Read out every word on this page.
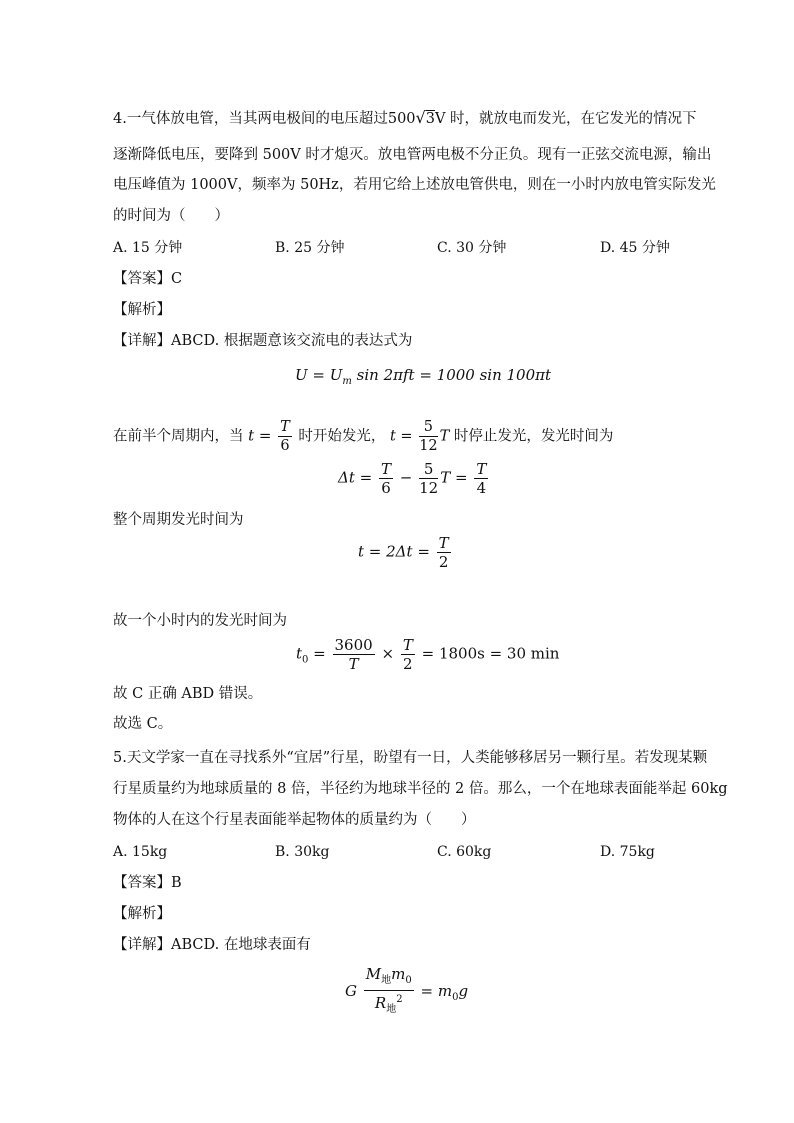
4.一气体放电管，当其两电极间的电压超过500√3V 时，就放电而发光，在它发光的情况下
逐渐降低电压，要降到 500V 时才熄灭。放电管两电极不分正负。现有一正弦交流电源，输出
电压峰值为 1000V，频率为 50Hz，若用它给上述放电管供电，则在一小时内放电管实际发光
的时间为（　　）
A. 15 分钟	B. 25 分钟	C. 30 分钟	D. 45 分钟
【答案】C
【解析】
【详解】ABCD. 根据题意该交流电的表达式为
$U = U_m$ sin 2πft = 1000 sin 100πt
在前半个周期内，当 $t = \frac{T}{6}$ 时开始发光， $t = \frac{5}{12}$ T 时停止发光，发光时间为
$\Delta t = \frac{T}{6} - \frac{5}{12}$ $T = \frac{T}{4}$
整个周期发光时间为
$t = 2\Delta t = \frac{T}{2}$
故一个小时内的发光时间为
$t_0 = \frac{3600}{T} \times \frac{T}{2} = 1800s = 30$ min
故 C 正确 ABD 错误。
故选 C。
5.天文学家一直在寻找系外“宜居”行星，盼望有一日，人类能够移居另一颗行星。若发现某颗
行星质量约为地球质量的 8 倍，半径约为地球半径的 2 倍。那么，一个在地球表面能举起 60kg
物体的人在这个行星表面能举起物体的质量约为（　　）
A. 15kg	B. 30kg	C. 60kg	D. 75kg
【答案】B
【解析】
【详解】ABCD. 在地球表面有
G $\frac{M_地m_0}{R_地^2} = m_0g$
